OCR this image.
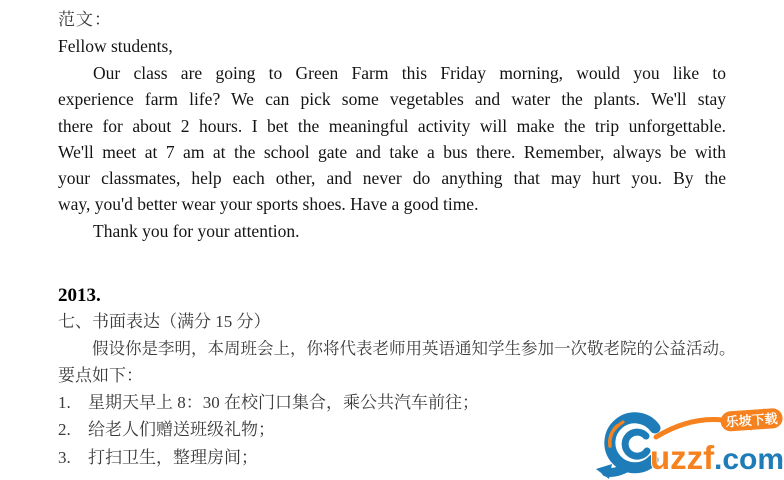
范文：
Fellow students,
Our class are going to Green Farm this Friday morning, would you like to
experience farm life? We can pick some vegetables and water the plants. We'll stay
there for about 2 hours. I bet the meaningful activity will make the trip unforgettable.
We'll meet at 7 am at the school gate and take a bus there. Remember, always be with
your classmates, help each other, and never do anything that may hurt you. By the
way, you'd better wear your sports shoes. Have a good time.
Thank you for your attention.
2013.
七、书面表达（满分 15 分）
假设你是李明，本周班会上，你将代表老师用英语通知学生参加一次敬老院的公益活动。
要点如下：
1.	星期天早上 8：30 在校门口集合，乘公共汽车前往；
2.	给老人们赠送班级礼物；
3.	打扫卫生，整理房间；	uzzf .com
乐坡下载
